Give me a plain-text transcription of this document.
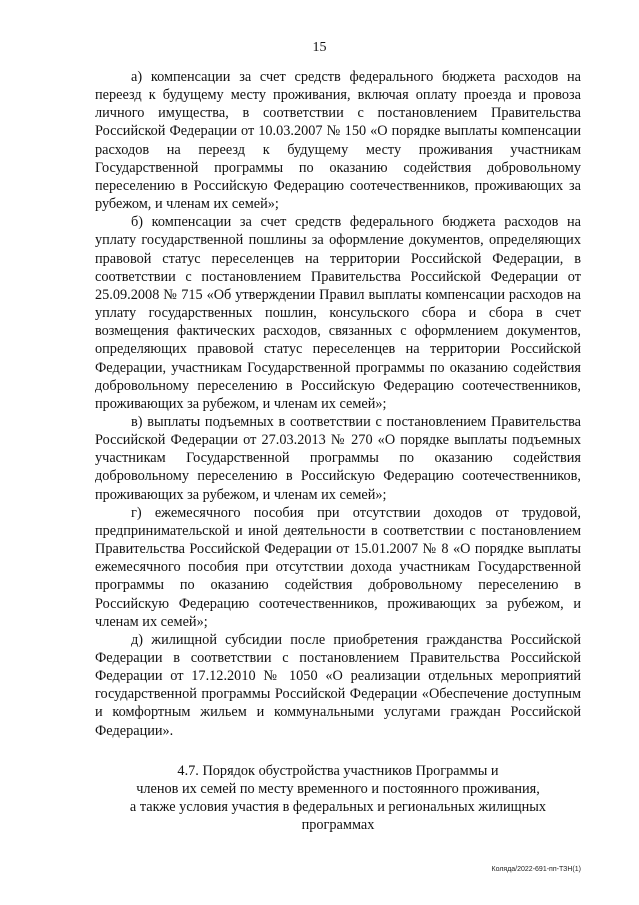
15

а) компенсации за счет средств федерального бюджета расходов на переезд к будущему месту проживания, включая оплату проезда и провоза личного имущества, в соответствии с постановлением Правительства Российской Федерации от 10.03.2007 № 150 «О порядке выплаты компенсации расходов на переезд к будущему месту проживания участникам Государственной программы по оказанию содействия добровольному переселению в Российскую Федерацию соотечественников, проживающих за рубежом, и членам их семей»;

б) компенсации за счет средств федерального бюджета расходов на уплату государственной пошлины за оформление документов, определяющих правовой статус переселенцев на территории Российской Федерации, в соответствии с постановлением Правительства Российской Федерации от 25.09.2008 № 715 «Об утверждении Правил выплаты компенсации расходов на уплату государственных пошлин, консульского сбора и сбора в счет возмещения фактических расходов, связанных с оформлением документов, определяющих правовой статус переселенцев на территории Российской Федерации, участникам Государственной программы по оказанию содействия добровольному переселению в Российскую Федерацию соотечественников, проживающих за рубежом, и членам их семей»;

в) выплаты подъемных в соответствии с постановлением Правительства Российской Федерации от 27.03.2013 № 270 «О порядке выплаты подъемных участникам Государственной программы по оказанию содействия добровольному переселению в Российскую Федерацию соотечественников, проживающих за рубежом, и членам их семей»;

г) ежемесячного пособия при отсутствии доходов от трудовой, предпринимательской и иной деятельности в соответствии с постановлением Правительства Российской Федерации от 15.01.2007 № 8 «О порядке выплаты ежемесячного пособия при отсутствии дохода участникам Государственной программы по оказанию содействия добровольному переселению в Российскую Федерацию соотечественников, проживающих за рубежом, и членам их семей»;

д) жилищной субсидии после приобретения гражданства Российской Федерации в соответствии с постановлением Правительства Российской Федерации от 17.12.2010 № 1050 «О реализации отдельных мероприятий государственной программы Российской Федерации «Обеспечение доступным и комфортным жильем и коммунальными услугами граждан Российской Федерации».

4.7. Порядок обустройства участников Программы и
членов их семей по месту временного и постоянного проживания,
а также условия участия в федеральных и региональных жилищных
программах
Коляда/2022-691-пп-ТЗН(1)
